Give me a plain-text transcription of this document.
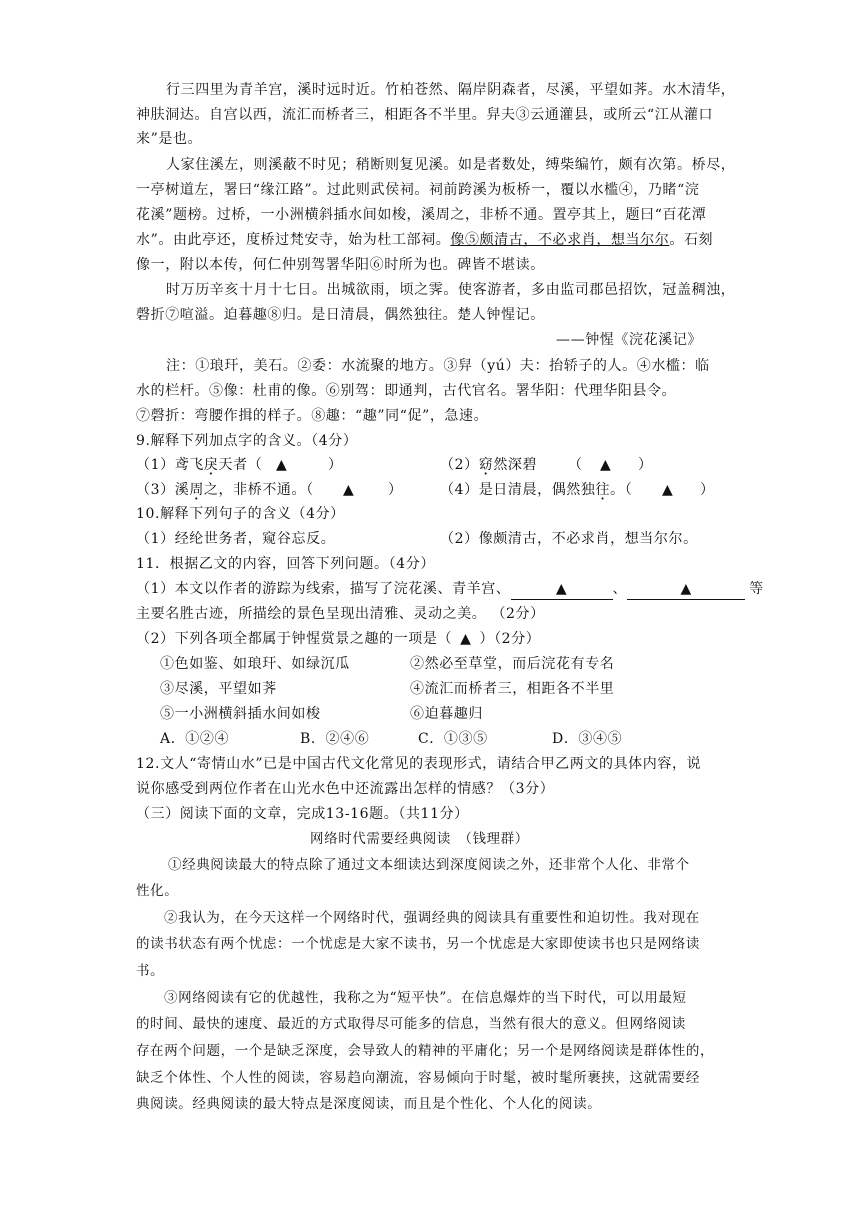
行三四里为青羊宫，溪时远时近。竹柏苍然、隔岸阴森者，尽溪，平望如荠。水木清华，
神肤洞达。自宫以西，流汇而桥者三，相距各不半里。舁夫③云通灌县，或所云“江从灌口
来”是也。
人家住溪左，则溪蔽不时见；稍断则复见溪。如是者数处，缚柴编竹，颇有次第。桥尽，
一亭树道左，署曰“缘江路”。过此则武侯祠。祠前跨溪为板桥一，覆以水槛④，乃睹“浣
花溪”题榜。过桥，一小洲横斜插水间如梭，溪周之，非桥不通。置亭其上，题曰“百花潭
水”。由此亭还，度桥过梵安寺，始为杜工部祠。像⑤颇清古，不必求肖，想当尔尔。石刻
像一，附以本传，何仁仲别驾署华阳⑥时所为也。碑皆不堪读。
时万历辛亥十月十七日。出城欲雨，顷之霁。使客游者，多由监司郡邑招饮，冠盖稠浊，
磬折⑦喧溢。迫暮趣⑧归。是日清晨，偶然独往。楚人钟惺记。
——钟惺《浣花溪记》
注：①琅玕，美石。②委：水流聚的地方。③舁（yú）夫：抬轿子的人。④水槛：临
水的栏杆。⑤像：杜甫的像。⑥别驾：即通判，古代官名。署华阳：代理华阳县令。
⑦磬折：弯腰作揖的样子。⑧趣：“趣”同“促”，急速。
9.解释下列加点字的含义。（4分）
（1）鸢飞戾天者（ ▲	）	（2）窈然深碧 （ ▲ ）
（3）溪周之，非桥不通。（ ▲ ）	（4）是日清晨，偶然独往。（ ▲ ）
10.解释下列句子的含义（4分）
（1）经纶世务者，窥谷忘反。	（2）像颇清古，不必求肖，想当尔尔。
11．根据乙文的内容，回答下列问题。（4分）
（1）本文以作者的游踪为线索，描写了浣花溪、青羊宫、	▲	、	▲	等
主要名胜古迹，所描绘的景色呈现出清雅、灵动之美。 （2分）
（2）下列各项全都属于钟惺赏景之趣的一项是（ ▲ ）（2分）
①色如鉴、如琅玕、如绿沉瓜	②然必至草堂，而后浣花有专名
③尽溪，平望如荠	④流汇而桥者三，相距各不半里
⑤一小洲横斜插水间如梭	⑥迫暮趣归
A．①②④	B．②④⑥	C．①③⑤	D．③④⑤
12.文人“寄情山水”已是中国古代文化常见的表现形式，请结合甲乙两文的具体内容，说
说你感受到两位作者在山光水色中还流露出怎样的情感？（3分）
（三）阅读下面的文章，完成13-16题。（共11分）
网络时代需要经典阅读　（钱理群）
①经典阅读最大的特点除了通过文本细读达到深度阅读之外，还非常个人化、非常个
性化。
②我认为，在今天这样一个网络时代，强调经典的阅读具有重要性和迫切性。我对现在
的读书状态有两个忧虑：一个忧虑是大家不读书，另一个忧虑是大家即使读书也只是网络读
书。
③网络阅读有它的优越性，我称之为“短平快”。在信息爆炸的当下时代，可以用最短
的时间、最快的速度、最近的方式取得尽可能多的信息，当然有很大的意义。但网络阅读
存在两个问题，一个是缺乏深度，会导致人的精神的平庸化；另一个是网络阅读是群体性的，
缺乏个体性、个人性的阅读，容易趋向潮流，容易倾向于时髦，被时髦所裹挟，这就需要经
典阅读。经典阅读的最大特点是深度阅读，而且是个性化、个人化的阅读。
